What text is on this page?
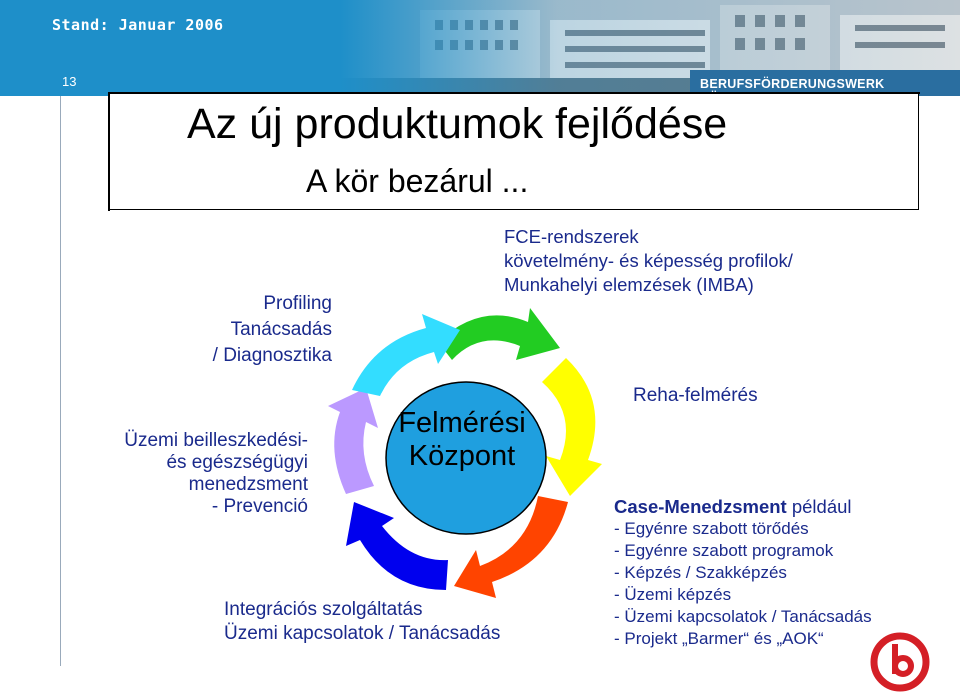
Stand: Januar 2006
13	BERUFSFÖRDERUNGSWERK
Az új produktumok fejlődése
A kör bezárul ...
Felmérési
Központ
FCE-rendszerek
követelmény- és képesség profilok/
Munkahelyi elemzések (IMBA)
Profiling
Tanácsadás
/ Diagnosztika
Üzemi beilleszkedési-
és egészségügyi
menedzsment
- Prevenció
Reha-felmérés
Case-Menedzsment például
- Egyénre szabott törődés
- Egyénre szabott programok
- Képzés / Szakképzés
- Üzemi képzés
- Üzemi kapcsolatok / Tanácsadás
- Projekt „Barmer“ és „AOK“
Integrációs szolgáltatás
Üzemi kapcsolatok / Tanácsadás
